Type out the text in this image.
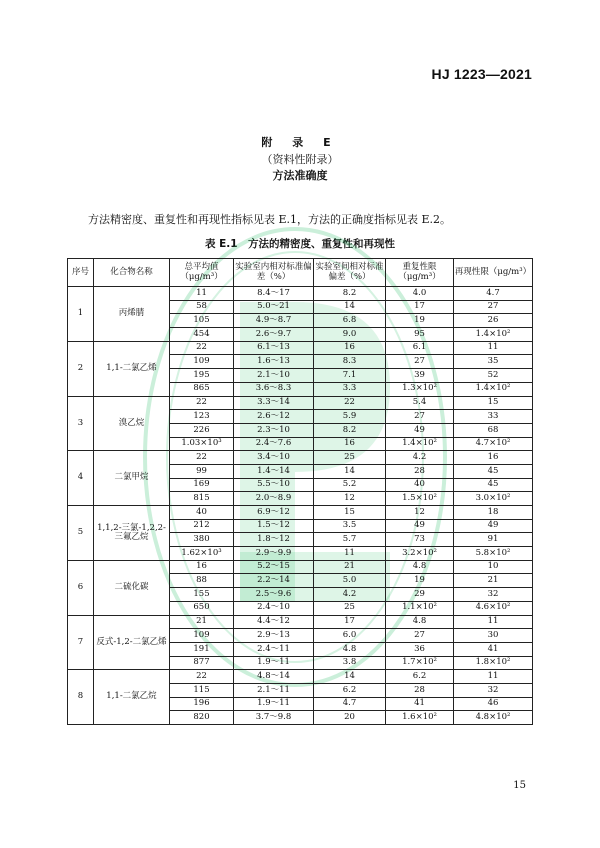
HJ 1223—2021
附 录 E
（资料性附录）
方法准确度
方法精密度、重复性和再现性指标见表 E.1，方法的正确度指标见表 E.2。
表 E.1　方法的精密度、重复性和再现性
序号	化合物名称	总平均值（μg/m³）	实验室内相对标准偏差（%）	实验室间相对标准偏差（%）	重复性限（μg/m³）	再现性限（μg/m³）
1	丙烯腈	11	8.4～17	8.2	4.0	4.7
		58	5.0～21	14	17	27
		105	4.9～8.7	6.8	19	26
		454	2.6～9.7	9.0	95	1.4×10²
2	1,1-二氯乙烯	22	6.1～13	16	6.1	11
		109	1.6～13	8.3	27	35
		195	2.1～10	7.1	39	52
		865	3.6～8.3	3.3	1.3×10²	1.4×10²
3	溴乙烷	22	3.3～14	22	5.4	15
		123	2.6～12	5.9	27	33
		226	2.3～10	8.2	49	68
		1.03×10³	2.4～7.6	16	1.4×10²	4.7×10²
4	二氯甲烷	22	3.4～10	25	4.2	16
		99	1.4～14	14	28	45
		169	5.5～10	5.2	40	45
		815	2.0～8.9	12	1.5×10²	3.0×10²
5	1,1,2-三氯-1,2,2-三氟乙烷	40	6.9～12	15	12	18
		212	1.5～12	3.5	49	49
		380	1.8～12	5.7	73	91
		1.62×10³	2.9～9.9	11	3.2×10²	5.8×10²
6	二硫化碳	16	5.2～15	21	4.8	10
		88	2.2～14	5.0	19	21
		155	2.5～9.6	4.2	29	32
		650	2.4～10	25	1.1×10²	4.6×10²
7	反式-1,2-二氯乙烯	21	4.4～12	17	4.8	11
		109	2.9～13	6.0	27	30
		191	2.4～11	4.8	36	41
		877	1.9～11	3.8	1.7×10²	1.8×10²
8	1,1-二氯乙烷	22	4.8～14	14	6.2	11
		115	2.1～11	6.2	28	32
		196	1.9～11	4.7	41	46
		820	3.7～9.8	20	1.6×10²	4.8×10²
15
